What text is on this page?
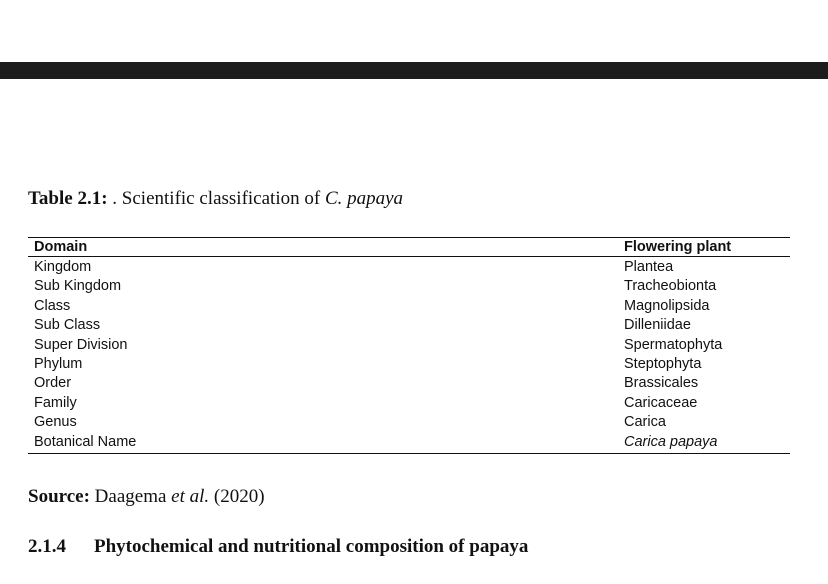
Table 2.1: . Scientific classification of C. papaya
Domain	Flowering plant
Kingdom	Plantea
Sub Kingdom	Tracheobionta
Class	Magnolipsida
Sub Class	Dilleniidae
Super Division	Spermatophyta
Phylum	Steptophyta
Order	Brassicales
Family	Caricaceae
Genus	Carica
Botanical Name	Carica papaya
Source: Daagema et al. (2020)
2.1.4 Phytochemical and nutritional composition of papaya
